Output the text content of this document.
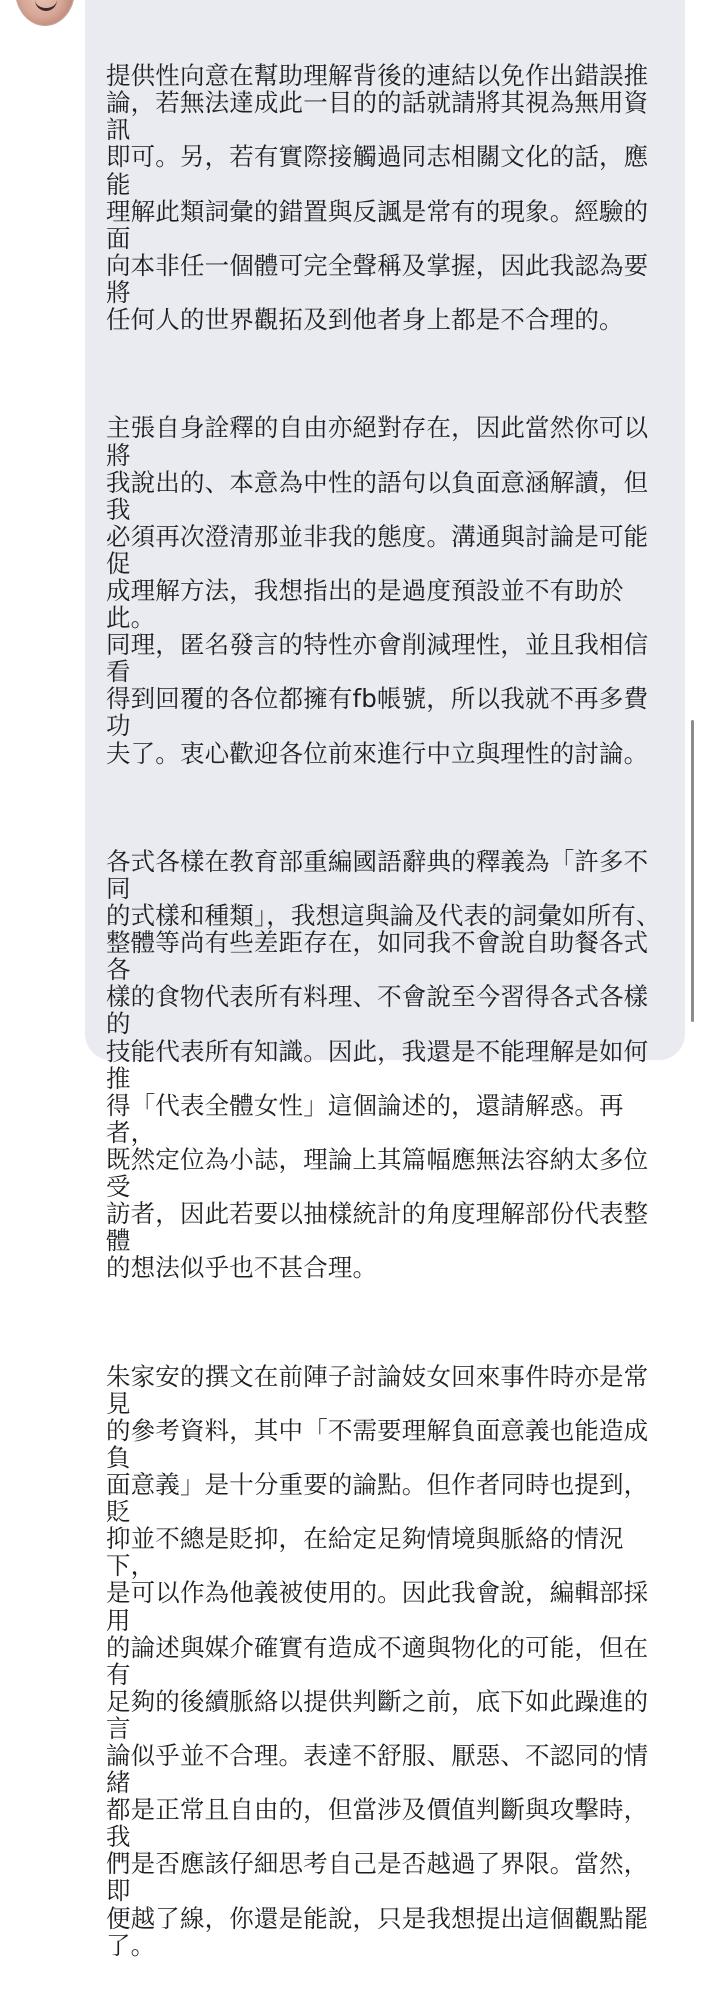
提供性向意在幫助理解背後的連結以免作出錯誤推
論，若無法達成此一目的的話就請將其視為無用資訊
即可。另，若有實際接觸過同志相關文化的話，應能
理解此類詞彙的錯置與反諷是常有的現象。經驗的面
向本非任一個體可完全聲稱及掌握，因此我認為要將
任何人的世界觀拓及到他者身上都是不合理的。

主張自身詮釋的自由亦絕對存在，因此當然你可以將
我說出的、本意為中性的語句以負面意涵解讀，但我
必須再次澄清那並非我的態度。溝通與討論是可能促
成理解方法，我想指出的是過度預設並不有助於此。
同理，匿名發言的特性亦會削減理性，並且我相信看
得到回覆的各位都擁有fb帳號，所以我就不再多費功
夫了。衷心歡迎各位前來進行中立與理性的討論。

各式各樣在教育部重編國語辭典的釋義為「許多不同
的式樣和種類」，我想這與論及代表的詞彙如所有、
整體等尚有些差距存在，如同我不會說自助餐各式各
樣的食物代表所有料理、不會說至今習得各式各樣的
技能代表所有知識。因此，我還是不能理解是如何推
得「代表全體女性」這個論述的，還請解惑。再者，
既然定位為小誌，理論上其篇幅應無法容納太多位受
訪者，因此若要以抽樣統計的角度理解部份代表整體
的想法似乎也不甚合理。

朱家安的撰文在前陣子討論妓女回來事件時亦是常見
的參考資料，其中「不需要理解負面意義也能造成負
面意義」是十分重要的論點。但作者同時也提到，貶
抑並不總是貶抑，在給定足夠情境與脈絡的情況下，
是可以作為他義被使用的。因此我會說，編輯部採用
的論述與媒介確實有造成不適與物化的可能，但在有
足夠的後續脈絡以提供判斷之前，底下如此躁進的言
論似乎並不合理。表達不舒服、厭惡、不認同的情緒
都是正常且自由的，但當涉及價值判斷與攻擊時，我
們是否應該仔細思考自己是否越過了界限。當然，即
便越了線，你還是能說，只是我想提出這個觀點罷
了。
